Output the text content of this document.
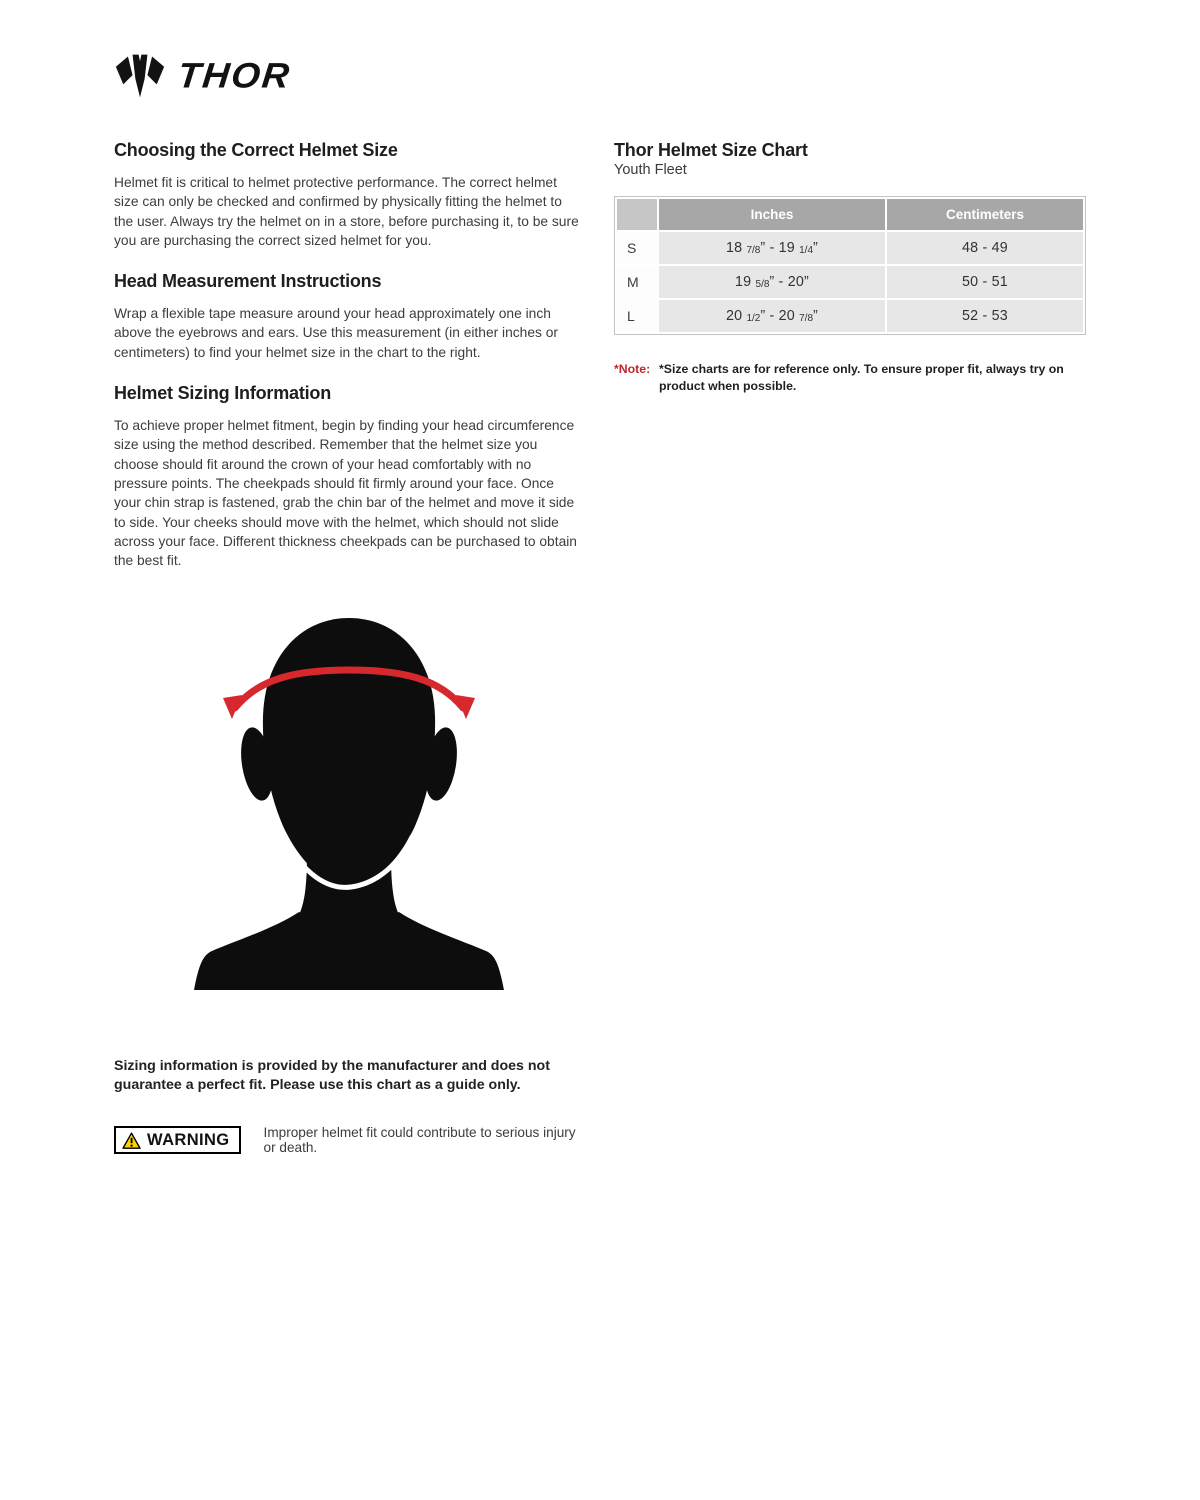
THOR
Choosing the Correct Helmet Size

Helmet fit is critical to helmet protective performance. The correct helmet size can only be checked and confirmed by physically fitting the helmet to the user. Always try the helmet on in a store, before purchasing it, to be sure you are purchasing the correct sized helmet for you.

Head Measurement Instructions

Wrap a flexible tape measure around your head approximately one inch above the eyebrows and ears. Use this measurement (in either inches or centimeters) to find your helmet size in the chart to the right.

Helmet Sizing Information

To achieve proper helmet fitment, begin by finding your head circumference size using the method described. Remember that the helmet size you choose should fit around the crown of your head comfortably with no pressure points. The cheekpads should fit firmly around your face. Once your chin strap is fastened, grab the chin bar of the helmet and move it side to side. Your cheeks should move with the helmet, which should not slide across your face. Different thickness cheekpads can be purchased to obtain the best fit.

Sizing information is provided by the manufacturer and does not guarantee a perfect fit. Please use this chart as a guide only.

WARNING	Improper helmet fit could contribute to serious injury or death.
Thor Helmet Size Chart
Youth Fleet
	Inches	Centimeters
S	18 7/8” - 19 1/4”	48 - 49
M	19 5/8” - 20”	50 - 51
L	20 1/2” - 20 7/8”	52 - 53
*Note: *Size charts are for reference only. To ensure proper fit, always try on product when possible.
